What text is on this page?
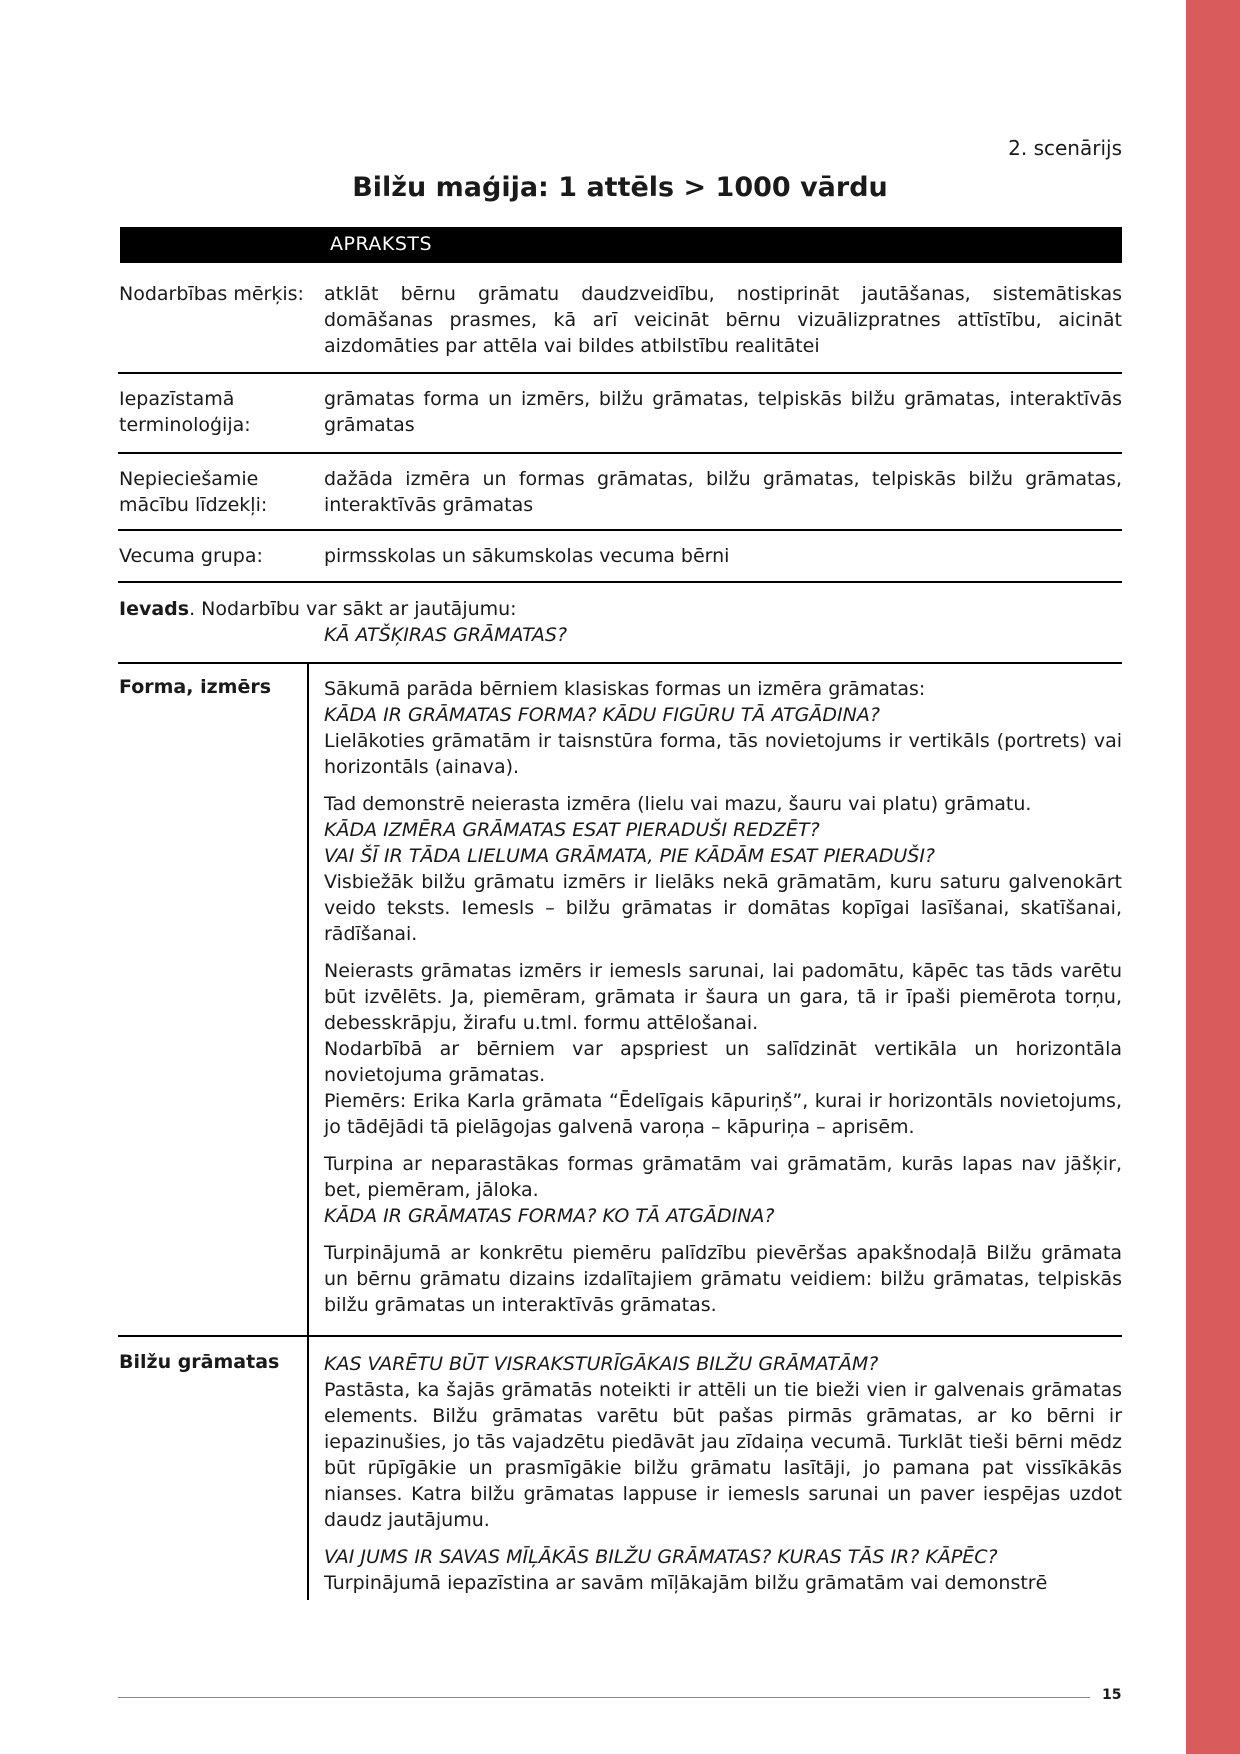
2. scenārijs
Bilžu maģija: 1 attēls > 1000 vārdu
APRAKSTS
Nodarbības mērķis: atklāt bērnu grāmatu daudzveidību, nostiprināt jautāšanas, sistemātiskas domāšanas prasmes, kā arī veicināt bērnu vizuālizpratnes attīstību, aicināt aizdomāties par attēla vai bildes atbilstību realitātei
Iepazīstamā terminoloģija:
grāmatas forma un izmērs, bilžu grāmatas, telpiskās bilžu grāmatas, interaktīvās grāmatas
Nepieciešamie mācību līdzekļi:
dažāda izmēra un formas grāmatas, bilžu grāmatas, telpiskās bilžu grāmatas, interaktīvās grāmatas
Vecuma grupa:	pirmsskolas un sākumskolas vecuma bērni
Ievads. Nodarbību var sākt ar jautājumu:
KĀ ATŠĶIRAS GRĀMATAS?
Forma, izmērs	Sākumā parāda bērniem klasiskas formas un izmēra grāmatas:
KĀDA IR GRĀMATAS FORMA? KĀDU FIGŪRU TĀ ATGĀDINA?
Lielākoties grāmatām ir taisnstūra forma, tās novietojums ir vertikāls (portrets) vai horizontāls (ainava).

Tad demonstrē neierasta izmēra (lielu vai mazu, šauru vai platu) grāmatu.
KĀDA IZMĒRA GRĀMATAS ESAT PIERADUŠI REDZĒT?
VAI ŠĪ IR TĀDA LIELUMA GRĀMATA, PIE KĀDĀM ESAT PIERADUŠI?
Visbiežāk bilžu grāmatu izmērs ir lielāks nekā grāmatām, kuru saturu galvenokārt veido teksts. Iemesls – bilžu grāmatas ir domātas kopīgai lasīšanai, skatīšanai, rādīšanai.

Neierasts grāmatas izmērs ir iemesls sarunai, lai padomātu, kāpēc tas tāds varētu būt izvēlēts. Ja, piemēram, grāmata ir šaura un gara, tā ir īpaši piemērota torņu, debesskrāpju, žirafu u.tml. formu attēlošanai.
Nodarbībā ar bērniem var apspriest un salīdzināt vertikāla un horizontāla novietojuma grāmatas.
Piemērs: Erika Karla grāmata “Ēdelīgais kāpuriņš”, kurai ir horizontāls novietojums, jo tādējādi tā pielāgojas galvenā varoņa – kāpuriņa – aprisēm.

Turpina ar neparastākas formas grāmatām vai grāmatām, kurās lapas nav jāšķir, bet, piemēram, jāloka.
KĀDA IR GRĀMATAS FORMA? KO TĀ ATGĀDINA?

Turpinājumā ar konkrētu piemēru palīdzību pievēršas apakšnodaļā Bilžu grāmata un bērnu grāmatu dizains izdalītajiem grāmatu veidiem: bilžu grāmatas, telpiskās bilžu grāmatas un interaktīvās grāmatas.

Bilžu grāmatas KAS VARĒTU BŪT VISRAKSTURĪGĀKAIS BILŽU GRĀMATĀM?
Pastāsta, ka šajās grāmatās noteikti ir attēli un tie bieži vien ir galvenais grāmatas elements. Bilžu grāmatas varētu būt pašas pirmās grāmatas, ar ko bērni ir iepazinušies, jo tās vajadzētu piedāvāt jau zīdaiņa vecumā. Turklāt tieši bērni mēdz būt rūpīgākie un prasmīgākie bilžu grāmatu lasītāji, jo pamana pat vissīkākās nianses. Katra bilžu grāmatas lappuse ir iemesls sarunai un paver iespējas uzdot daudz jautājumu.

VAI JUMS IR SAVAS MĪĻĀKĀS BILŽU GRĀMATAS? KURAS TĀS IR? KĀPĒC?
Turpinājumā iepazīstina ar savām mīļākajām bilžu grāmatām vai demonstrē

15
